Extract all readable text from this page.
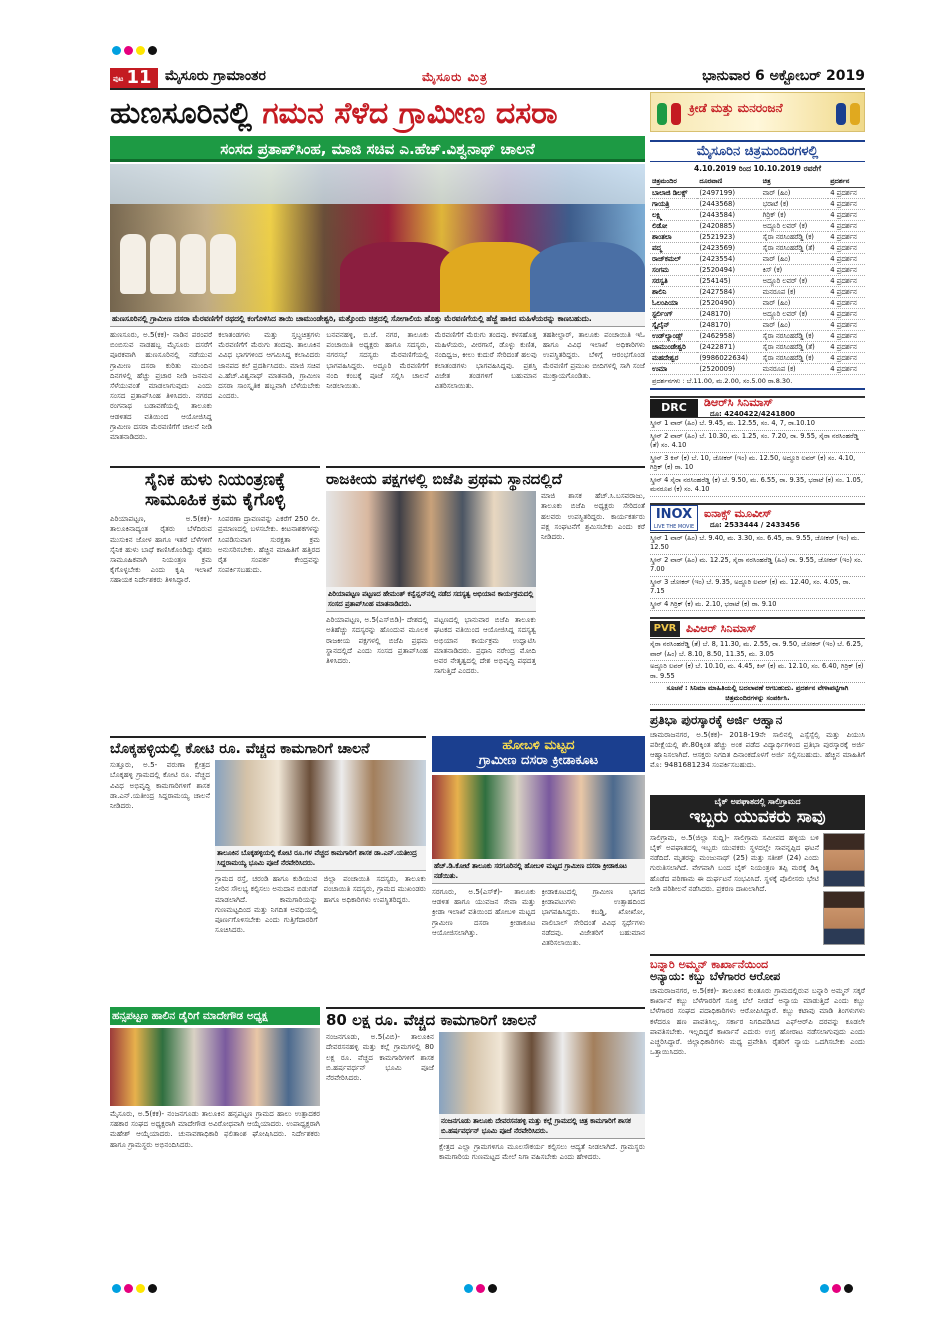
ಪುಟ 11 ಮೈಸೂರು ಗ್ರಾಮಾಂತರ	ಮೈಸೂರು ಮಿತ್ರ	ಭಾನುವಾರ 6 ಅಕ್ಟೋಬರ್ 2019
ಹುಣಸೂರಿನಲ್ಲಿ ಗಮನ ಸೆಳೆದ ಗ್ರಾಮೀಣ ದಸರಾ
ಸಂಸದ ಪ್ರತಾಪ್‌ಸಿಂಹ, ಮಾಜಿ ಸಚಿವ ಎ.ಹೆಚ್.ವಿಶ್ವನಾಥ್ ಚಾಲನೆ
ಹುಣಸೂರಿನಲ್ಲಿ ಗ್ರಾಮೀಣ ದಸರಾ ಮೆರವಣಿಗೆಗೆ ರಥದಲ್ಲಿ ಕಂಗೊಳಿಸಿದ ತಾಯಿ ಚಾಮುಂಡೇಶ್ವರಿ, ಮತ್ತೊಂದು ಚಿತ್ರದಲ್ಲಿ ಸೋಗಾಲಿಯ ಹೊತ್ತು ಮೆರವಣಿಗೆಯಲ್ಲಿ ಹೆಜ್ಜೆ ಹಾಕಿದ ಮಹಿಳೆಯರನ್ನು ಕಾಣಬಹುದು.
ಹುಣಸೂರು, ಅ.5(ಕಕ)- ನಾಡಿನ ಪರಂಪರೆ ಬಿಂಬಿಸುವ ನಾಡಹಬ್ಬ ಮೈಸೂರು ದಸರೆಗೆ ಪೂರಕವಾಗಿ ಹುಣಸೂರಿನಲ್ಲಿ ನಡೆಯುವ ಗ್ರಾಮೀಣ ದಸರಾ ಕುರಿತು ಮುಂದಿನ ದಿನಗಳಲ್ಲಿ ಹೆಚ್ಚು ಪ್ರಚಾರ ನೀಡಿ ಜನಮನ ಸೆಳೆಯುವಂತೆ ಮಾಡಲಾಗುವುದು ಎಂದು ಸಂಸದ ಪ್ರತಾಪ್‌ಸಿಂಹ ತಿಳಿಸಿದರು. ನಗರದ ರಂಗನಾಥ ಬಡಾವಣೆಯಲ್ಲಿ ತಾಲೂಕು ಆಡಳಿತದ ವತಿಯಿಂದ ಆಯೋಜಿಸಿದ್ದ ಗ್ರಾಮೀಣ ದಸರಾ ಮೆರವಣಿಗೆಗೆ ಚಾಲನೆ ನೀಡಿ ಮಾತನಾಡಿದರು.
ಕಲಾತಂಡಗಳು ಮತ್ತು ಸ್ತಬ್ಧಚಿತ್ರಗಳು ಮೆರವಣಿಗೆಗೆ ಮೆರುಗು ತಂದವು. ತಾಲೂಕಿನ ವಿವಿಧ ಭಾಗಗಳಿಂದ ಆಗಮಿಸಿದ್ದ ಕಲಾವಿದರು ಜಾನಪದ ಕಲೆ ಪ್ರದರ್ಶಿಸಿದರು. ಮಾಜಿ ಸಚಿವ ಎ.ಹೆಚ್.ವಿಶ್ವನಾಥ್ ಮಾತನಾಡಿ, ಗ್ರಾಮೀಣ ದಸರಾ ಸಾಂಸ್ಕೃತಿಕ ಹಬ್ಬವಾಗಿ ಬೆಳೆಯಬೇಕು ಎಂದರು.
ಬನವನಹಳ್ಳಿ, ಬಿ.ಜೆ. ನಗರ, ತಾಲೂಕು ಪಂಚಾಯಿತಿ ಅಧ್ಯಕ್ಷರು ಹಾಗೂ ಸದಸ್ಯರು, ನಗರಸಭೆ ಸದಸ್ಯರು ಮೆರವಣಿಗೆಯಲ್ಲಿ ಭಾಗವಹಿಸಿದ್ದರು. ಅದ್ದೂರಿ ಮೆರವಣಿಗೆಗೆ ನಂದಿ ಕಂಬಕ್ಕೆ ಪೂಜೆ ಸಲ್ಲಿಸಿ ಚಾಲನೆ ನೀಡಲಾಯಿತು.
ಮೆರವಣಿಗೆಗೆ ಮೆರುಗು ತಂದವು. ಕಳಸಹೊತ್ತ ಮಹಿಳೆಯರು, ವೀರಗಾಸೆ, ಡೊಳ್ಳು ಕುಣಿತ, ನಂದಿಧ್ವಜ, ಕೀಲು ಕುದುರೆ ಸೇರಿದಂತೆ ಹಲವು ಕಲಾತಂಡಗಳು ಭಾಗವಹಿಸಿದ್ದವು. ಪ್ರಶಸ್ತಿ ವಿಜೇತ ತಂಡಗಳಿಗೆ ಬಹುಮಾನ ವಿತರಿಸಲಾಯಿತು.
ತಹಶೀಲ್ದಾರ್, ತಾಲೂಕು ಪಂಚಾಯಿತಿ ಇಓ ಹಾಗೂ ವಿವಿಧ ಇಲಾಖೆ ಅಧಿಕಾರಿಗಳು ಉಪಸ್ಥಿತರಿದ್ದರು. ಬೆಳಿಗ್ಗೆ ಆರಂಭಗೊಂಡ ಮೆರವಣಿಗೆ ಪ್ರಮುಖ ಬೀದಿಗಳಲ್ಲಿ ಸಾಗಿ ಸಂಜೆ ಮುಕ್ತಾಯಗೊಂಡಿತು.
ಸೈನಿಕ ಹುಳು ನಿಯಂತ್ರಣಕ್ಕೆ
ಸಾಮೂಹಿಕ ಕ್ರಮ ಕೈಗೊಳ್ಳಿ
ಪಿರಿಯಾಪಟ್ಟಣ, ಅ.5(ಕಕ)- ತಾಲೂಕಿನಾದ್ಯಂತ ರೈತರು ಬೆಳೆದಿರುವ ಮುಸುಕಿನ ಜೋಳ ಹಾಗೂ ಇತರೆ ಬೆಳೆಗಳಿಗೆ ಸೈನಿಕ ಹುಳು ಬಾಧೆ ಕಾಣಿಸಿಕೊಂಡಿದ್ದು ರೈತರು ಸಾಮೂಹಿಕವಾಗಿ ನಿಯಂತ್ರಣ ಕ್ರಮ ಕೈಗೊಳ್ಳಬೇಕು ಎಂದು ಕೃಷಿ ಇಲಾಖೆ ಸಹಾಯಕ ನಿರ್ದೇಶಕರು ತಿಳಿಸಿದ್ದಾರೆ.
ಸಿಂಪರಣಾ ದ್ರಾವಣವನ್ನು ಎಕರೆಗೆ 250 ಲೀ. ಪ್ರಮಾಣದಲ್ಲಿ ಬಳಸಬೇಕು. ಕೀಟನಾಶಕಗಳನ್ನು ಸಿಂಪಡಿಸುವಾಗ ಸುರಕ್ಷತಾ ಕ್ರಮ ಅನುಸರಿಸಬೇಕು. ಹೆಚ್ಚಿನ ಮಾಹಿತಿಗೆ ಹತ್ತಿರದ ರೈತ ಸಂಪರ್ಕ ಕೇಂದ್ರವನ್ನು ಸಂಪರ್ಕಿಸಬಹುದು.
ರಾಜಕೀಯ ಪಕ್ಷಗಳಲ್ಲಿ ಬಿಜೆಪಿ ಪ್ರಥಮ ಸ್ಥಾನದಲ್ಲಿದೆ
ಪಿರಿಯಾಪಟ್ಟಣ ಪಟ್ಟಣದ ಹೇಮಂತ್ ಕನ್ವೆನ್ಷನ್‌ನಲ್ಲಿ ನಡೆದ ಸದಸ್ಯತ್ವ ಅಭಿಯಾನ ಕಾರ್ಯಕ್ರಮದಲ್ಲಿ ಸಂಸದ ಪ್ರತಾಪ್‌ಸಿಂಹ ಮಾತನಾಡಿದರು.
ಪಿರಿಯಾಪಟ್ಟಣ, ಅ.5(ಎಸ್‌ಬಿಡಿ)- ದೇಶದಲ್ಲಿ ಅತಿಹೆಚ್ಚು ಸದಸ್ಯರನ್ನು ಹೊಂದುವ ಮೂಲಕ ರಾಜಕೀಯ ಪಕ್ಷಗಳಲ್ಲಿ ಬಿಜೆಪಿ ಪ್ರಥಮ ಸ್ಥಾನದಲ್ಲಿದೆ ಎಂದು ಸಂಸದ ಪ್ರತಾಪ್‌ಸಿಂಹ ತಿಳಿಸಿದರು.
ಪಟ್ಟಣದಲ್ಲಿ ಭಾನುವಾರ ಬಿಜೆಪಿ ತಾಲೂಕು ಘಟಕದ ವತಿಯಿಂದ ಆಯೋಜಿಸಿದ್ದ ಸದಸ್ಯತ್ವ ಅಭಿಯಾನ ಕಾರ್ಯಕ್ರಮ ಉದ್ಘಾಟಿಸಿ ಮಾತನಾಡಿದರು. ಪ್ರಧಾನಿ ನರೇಂದ್ರ ಮೋದಿ ಅವರ ನೇತೃತ್ವದಲ್ಲಿ ದೇಶ ಅಭಿವೃದ್ಧಿ ಪಥದತ್ತ ಸಾಗುತ್ತಿದೆ ಎಂದರು.
ಮಾಜಿ ಶಾಸಕ ಹೆಚ್.ಸಿ.ಬಸವರಾಜು, ತಾಲೂಕು ಬಿಜೆಪಿ ಅಧ್ಯಕ್ಷರು ಸೇರಿದಂತೆ ಹಲವರು ಉಪಸ್ಥಿತರಿದ್ದರು. ಕಾರ್ಯಕರ್ತರು ಪಕ್ಷ ಸಂಘಟನೆಗೆ ಶ್ರಮಿಸಬೇಕು ಎಂದು ಕರೆ ನೀಡಿದರು.
ಬೊಕ್ಕಹಳ್ಳಿಯಲ್ಲಿ ಕೋಟಿ ರೂ. ವೆಚ್ಚದ ಕಾಮಗಾರಿಗೆ ಚಾಲನೆ
ಸುತ್ತೂರು, ಅ.5- ವರುಣಾ ಕ್ಷೇತ್ರದ ಬೊಕ್ಕಹಳ್ಳಿ ಗ್ರಾಮದಲ್ಲಿ ಕೋಟಿ ರೂ. ವೆಚ್ಚದ ವಿವಿಧ ಅಭಿವೃದ್ಧಿ ಕಾಮಗಾರಿಗಳಿಗೆ ಶಾಸಕ ಡಾ.ಎನ್.ಯತೀಂದ್ರ ಸಿದ್ದರಾಮಯ್ಯ ಚಾಲನೆ ನೀಡಿದರು.
ತಾಲೂಕಿನ ಬೊಕ್ಕಹಳ್ಳಿಯಲ್ಲಿ ಕೋಟಿ ರೂ.ಗಳ ವೆಚ್ಚದ ಕಾಮಗಾರಿಗೆ ಶಾಸಕ ಡಾ.ಎನ್.ಯತೀಂದ್ರ ಸಿದ್ದರಾಮಯ್ಯ ಭೂಮಿ ಪೂಜೆ ನೆರವೇರಿಸಿದರು.
ಗ್ರಾಮದ ರಸ್ತೆ, ಚರಂಡಿ ಹಾಗೂ ಕುಡಿಯುವ ನೀರಿನ ಸೌಲಭ್ಯ ಕಲ್ಪಿಸಲು ಅನುದಾನ ಬಿಡುಗಡೆ ಮಾಡಲಾಗಿದೆ. ಕಾಮಗಾರಿಯನ್ನು ಗುಣಮಟ್ಟದಿಂದ ಮತ್ತು ನಿಗದಿತ ಅವಧಿಯಲ್ಲಿ ಪೂರ್ಣಗೊಳಿಸಬೇಕು ಎಂದು ಗುತ್ತಿಗೆದಾರರಿಗೆ ಸೂಚಿಸಿದರು.
ಜಿಲ್ಲಾ ಪಂಚಾಯಿತಿ ಸದಸ್ಯರು, ತಾಲೂಕು ಪಂಚಾಯಿತಿ ಸದಸ್ಯರು, ಗ್ರಾಮದ ಮುಖಂಡರು ಹಾಗೂ ಅಧಿಕಾರಿಗಳು ಉಪಸ್ಥಿತರಿದ್ದರು.
ಹೋಬಳಿ ಮಟ್ಟದ
ಗ್ರಾಮೀಣ ದಸರಾ ಕ್ರೀಡಾಕೂಟ
ಹೆಚ್.ಡಿ.ಕೋಟೆ ತಾಲೂಕು ಸರಗೂರಿನಲ್ಲಿ ಹೋಬಳಿ ಮಟ್ಟದ ಗ್ರಾಮೀಣ ದಸರಾ ಕ್ರೀಡಾಕೂಟ ನಡೆಯಿತು.
ಸರಗೂರು, ಅ.5(ಎಸ್‌ಕೆ)- ತಾಲೂಕು ಆಡಳಿತ ಹಾಗೂ ಯುವಜನ ಸೇವಾ ಮತ್ತು ಕ್ರೀಡಾ ಇಲಾಖೆ ವತಿಯಿಂದ ಹೋಬಳಿ ಮಟ್ಟದ ಗ್ರಾಮೀಣ ದಸರಾ ಕ್ರೀಡಾಕೂಟ ಆಯೋಜಿಸಲಾಗಿತ್ತು.
ಕ್ರೀಡಾಕೂಟದಲ್ಲಿ ಗ್ರಾಮೀಣ ಭಾಗದ ಕ್ರೀಡಾಪಟುಗಳು ಉತ್ಸಾಹದಿಂದ ಭಾಗವಹಿಸಿದ್ದರು. ಕಬಡ್ಡಿ, ಖೋಖೋ, ವಾಲಿಬಾಲ್ ಸೇರಿದಂತೆ ವಿವಿಧ ಸ್ಪರ್ಧೆಗಳು ನಡೆದವು. ವಿಜೇತರಿಗೆ ಬಹುಮಾನ ವಿತರಿಸಲಾಯಿತು.
ಹನ್ಸಪಟ್ಟಣ ಹಾಲಿನ ಡೈರಿಗೆ ಮಾದೇಗೌಡ ಅಧ್ಯಕ್ಷ
ಮೈಸೂರು, ಅ.5(ಕಕ)- ನಂಜನಗೂಡು ತಾಲೂಕಿನ ಹನ್ಸಪಟ್ಟಣ ಗ್ರಾಮದ ಹಾಲು ಉತ್ಪಾದಕರ ಸಹಕಾರ ಸಂಘದ ಅಧ್ಯಕ್ಷರಾಗಿ ಮಾದೇಗೌಡ ಅವಿರೋಧವಾಗಿ ಆಯ್ಕೆಯಾದರು. ಉಪಾಧ್ಯಕ್ಷರಾಗಿ ಮಹೇಶ್ ಆಯ್ಕೆಯಾದರು. ಚುನಾವಣಾಧಿಕಾರಿ ಫಲಿತಾಂಶ ಘೋಷಿಸಿದರು. ನಿರ್ದೇಶಕರು ಹಾಗೂ ಗ್ರಾಮಸ್ಥರು ಅಭಿನಂದಿಸಿದರು.
80 ಲಕ್ಷ ರೂ. ವೆಚ್ಚದ ಕಾಮಗಾರಿಗೆ ಚಾಲನೆ
ನಂಜನಗೂಡು, ಅ.5(ವಿಬಿ)- ತಾಲೂಕಿನ ದೇವರಸನಹಳ್ಳಿ ಮತ್ತು ಕಲ್ಲೆ ಗ್ರಾಮಗಳಲ್ಲಿ 80 ಲಕ್ಷ ರೂ. ವೆಚ್ಚದ ಕಾಮಗಾರಿಗಳಿಗೆ ಶಾಸಕ ಬಿ.ಹರ್ಷವರ್ಧನ್ ಭೂಮಿ ಪೂಜೆ ನೆರವೇರಿಸಿದರು.
ನಂಜನಗೂಡು ತಾಲೂಕು ದೇವರಸನಹಳ್ಳಿ ಮತ್ತು ಕಲ್ಲೆ ಗ್ರಾಮದಲ್ಲಿ ಚಿತ್ರ ಕಾಮಗಾರಿಗೆ ಶಾಸಕ ಬಿ.ಹರ್ಷವರ್ಧನ್ ಭೂಮಿ ಪೂಜೆ ನೆರವೇರಿಸಿದರು.
ಕ್ಷೇತ್ರದ ಎಲ್ಲಾ ಗ್ರಾಮಗಳಿಗೂ ಮೂಲಸೌಕರ್ಯ ಕಲ್ಪಿಸಲು ಆದ್ಯತೆ ನೀಡಲಾಗಿದೆ. ಗ್ರಾಮಸ್ಥರು ಕಾಮಗಾರಿಯ ಗುಣಮಟ್ಟದ ಮೇಲೆ ನಿಗಾ ವಹಿಸಬೇಕು ಎಂದು ಹೇಳಿದರು.
ಕ್ರೀಡೆ ಮತ್ತು ಮನರಂಜನೆ
ಮೈಸೂರಿನ ಚಿತ್ರಮಂದಿರಗಳಲ್ಲಿ
4.10.2019 ರಿಂದ 10.10.2019 ರವರೆಗೆ
ಚಿತ್ರಮಂದಿರ	ದೂರವಾಣಿ	ಚಿತ್ರ	ಪ್ರದರ್ಶನ
ಬಾಲಾಜಿ ಡಿಲಕ್ಸ್	(2497199)	ವಾರ್ (ಹಿಂ)	4 ಪ್ರದರ್ಶನ
ಗಾಯತ್ರಿ	(2443568)	ಭರಾಟೆ (ಕ)	4 ಪ್ರದರ್ಶನ
ಲಕ್ಷ್ಮಿ	(2443584)	ಗಿರ್ರಿಕ್ (ಕ)	4 ಪ್ರದರ್ಶನ
ಲಿಡೋ	(2420885)	ಅದ್ದೂರಿ ಲವರ್ (ಕ)	4 ಪ್ರದರ್ಶನ
ಶಾಂತಲಾ	(2521923)	ಸೈರಾ ನರಸಿಂಹರೆಡ್ಡಿ (ಕ)	4 ಪ್ರದರ್ಶನ
ಪದ್ಮ	(2423569)	ಸೈರಾ ನರಸಿಂಹರೆಡ್ಡಿ (ತೆ)	4 ಪ್ರದರ್ಶನ
ರಾಜ್‌ಕಮಲ್	(2423554)	ವಾರ್ (ಹಿಂ)	4 ಪ್ರದರ್ಶನ
ಸಂಗಮ	(2520494)	ಕಿಸ್ (ಕ)	4 ಪ್ರದರ್ಶನ
ಸರಸ್ವತಿ	(254145)	ಅದ್ದೂರಿ ಲವರ್ (ಕ)	4 ಪ್ರದರ್ಶನ
ಶಾಲಿನಿ	(2427584)	ಮನರೂಪ (ಕ)	4 ಪ್ರದರ್ಶನ
ಓಲಂಪಿಯಾ	(2520490)	ವಾರ್ (ಹಿಂ)	4 ಪ್ರದರ್ಶನ
ಸ್ಟರ್ಲಿಂಗ್	(248170)	ಅದ್ದೂರಿ ಲವರ್ (ಕ)	4 ಪ್ರದರ್ಶನ
ಸ್ಕೈಲೈನ್	(248170)	ವಾರ್ (ಹಿಂ)	4 ಪ್ರದರ್ಶನ
ಉಡ್‌ಲ್ಯಾಂಡ್ಸ್	(2462958)	ಸೈರಾ ನರಸಿಂಹರೆಡ್ಡಿ (ಕ)	4 ಪ್ರದರ್ಶನ
ಚಾಮುಂಡೇಶ್ವರಿ	(2422871)	ಸೈರಾ ನರಸಿಂಹರೆಡ್ಡಿ (ತೆ)	4 ಪ್ರದರ್ಶನ
ಮಹದೇಶ್ವರ	(9986022634)	ಸೈರಾ ನರಸಿಂಹರೆಡ್ಡಿ (ಕ)	4 ಪ್ರದರ್ಶನ
ಉಮಾ	(2520009)	ಮನರೂಪ (ಕ)	4 ಪ್ರದರ್ಶನ
ಪ್ರದರ್ಶನಗಳು : ಬೆ.11.00, ಮ.2.00, ಸಂ.5.00 ರಾ.8.30.
DRC	ಡಿಆರ್‌ಸಿ ಸಿನಿಮಾಸ್
ದೂ: 4240422/4241800
ಸ್ಕ್ರೀನ್ 1 ವಾರ್ (ಹಿಂ) ಬೆ. 9.45, ಮ. 12.55, ಸಂ. 4, 7, ರಾ.10.10
ಸ್ಕ್ರೀನ್ 2 ವಾರ್ (ಹಿಂ) ಬೆ. 10.30, ಮ. 1.25, ಸಂ. 7.20, ರಾ. 9.55, ಸೈರಾ ನರಸಿಂಹರೆಡ್ಡಿ (ತೆ) ಸಂ. 4.10
ಸ್ಕ್ರೀನ್ 3 ಕಿಸ್ (ಕ) ಬೆ. 10, ಜೋಕರ್ (ಇಂ) ಮ. 12.50, ಅದ್ದೂರಿ ಲವರ್ (ಕ) ಸಂ. 4.10, ಗಿರ್ರಿಕ್ (ಕ) ರಾ. 10
ಸ್ಕ್ರೀನ್ 4 ಸೈರಾ ನರಸಿಂಹರೆಡ್ಡಿ (ಕ) ಬೆ. 9.50, ಮ. 6.55, ರಾ. 9.35, ಭರಾಟೆ (ಕ) ಸಂ. 1.05, ಮನರೂಪ (ಕ) ಸಂ. 4.10
INOX
LIVE THE MOVIE
ಐನಾಕ್ಸ್ ಮೂವೀಸ್
ದೂ: 2533444 / 2433456
ಸ್ಕ್ರೀನ್ 1 ವಾರ್ (ಹಿಂ) ಬೆ. 9.40, ಮ. 3.30, ಸಂ. 6.45, ರಾ. 9.55, ಜೋಕರ್ (ಇಂ) ಮ. 12.50
ಸ್ಕ್ರೀನ್ 2 ವಾರ್ (ಹಿಂ) ಮ. 12.25, ಸೈರಾ ನರಸಿಂಹರೆಡ್ಡಿ (ಹಿಂ) ರಾ. 9.55, ಜೋಕರ್ (ಇಂ) ಸಂ. 7.00
ಸ್ಕ್ರೀನ್ 3 ಜೋಕರ್ (ಇಂ) ಬೆ. 9.35, ಅದ್ದೂರಿ ಲವರ್ (ಕ) ಮ. 12.40, ಸಂ. 4.05, ರಾ. 7.15
ಸ್ಕ್ರೀನ್ 4 ಗಿರ್ರಿಕ್ (ಕ) ಮ. 2.10, ಭರಾಟೆ (ಕ) ರಾ. 9.10
PVR ಪಿವಿಆರ್ ಸಿನಿಮಾಸ್
ಸೈರಾ ನರಸಿಂಹರೆಡ್ಡಿ (ತೆ) ಬೆ. 8, 11.30, ಮ. 2.55, ರಾ. 9.50, ಜೋಕರ್ (ಇಂ) ಬೆ. 6.25, ವಾರ್ (ಹಿಂ) ಬೆ. 8.10, 8.50, 11.35, ಮ. 3.05
ಅದ್ದೂರಿ ಲವರ್ (ಕ) ಬೆ. 10.10, ಮ. 4.45, ಕಿಸ್ (ಕ) ಮ. 12.10, ಸಂ. 6.40, ಗಿರ್ರಿಕ್ (ಕ) ರಾ. 9.55
ಸೂಚನೆ : ಸಿನಿಮಾ ಮಾಹಿತಿಯಲ್ಲಿ ಬದಲಾವಣೆ ಆಗಬಹುದು. ಪ್ರದರ್ಶನ ವೇಳಾಪಟ್ಟಿಗಾಗಿ ಚಿತ್ರಮಂದಿರಗಳನ್ನು ಸಂಪರ್ಕಿಸಿ.
ಪ್ರತಿಭಾ ಪುರಸ್ಕಾರಕ್ಕೆ ಅರ್ಜಿ ಆಹ್ವಾನ
ಚಾಮರಾಜನಗರ, ಅ.5(ಕಕ)- 2018-19ನೇ ಸಾಲಿನಲ್ಲಿ ಎಸ್ಸೆಸ್ಸೆಲ್ಸಿ ಮತ್ತು ಪಿಯುಸಿ ಪರೀಕ್ಷೆಯಲ್ಲಿ ಶೇ.80ಕ್ಕಿಂತ ಹೆಚ್ಚು ಅಂಕ ಪಡೆದ ವಿದ್ಯಾರ್ಥಿಗಳಿಂದ ಪ್ರತಿಭಾ ಪುರಸ್ಕಾರಕ್ಕೆ ಅರ್ಜಿ ಆಹ್ವಾನಿಸಲಾಗಿದೆ. ಆಸಕ್ತರು ನಿಗದಿತ ದಿನಾಂಕದೊಳಗೆ ಅರ್ಜಿ ಸಲ್ಲಿಸಬಹುದು. ಹೆಚ್ಚಿನ ಮಾಹಿತಿಗೆ ಮೊ: 9481681234 ಸಂಪರ್ಕಿಸಬಹುದು.
ಬೈಕ್ ಅಪಘಾತದಲ್ಲಿ ಸಾಲಿಗ್ರಾಮದ
ಇಬ್ಬರು ಯುವಕರು ಸಾವು
ಸಾಲಿಗ್ರಾಮ, ಅ.5(ಜಿಲ್ಲಾ ಸುದ್ದಿ)- ಸಾಲಿಗ್ರಾಮ ಸಮೀಪದ ಹಳ್ಳಿಯ ಬಳಿ ಬೈಕ್ ಅಪಘಾತದಲ್ಲಿ ಇಬ್ಬರು ಯುವಕರು ಸ್ಥಳದಲ್ಲೇ ಸಾವನ್ನಪ್ಪಿದ ಘಟನೆ ನಡೆದಿದೆ. ಮೃತರನ್ನು ಮಂಜುನಾಥ್ (25) ಮತ್ತು ಸತೀಶ್ (24) ಎಂದು ಗುರುತಿಸಲಾಗಿದೆ. ವೇಗವಾಗಿ ಬಂದ ಬೈಕ್ ನಿಯಂತ್ರಣ ತಪ್ಪಿ ಮರಕ್ಕೆ ಡಿಕ್ಕಿ ಹೊಡೆದ ಪರಿಣಾಮ ಈ ದುರ್ಘಟನೆ ಸಂಭವಿಸಿದೆ. ಸ್ಥಳಕ್ಕೆ ಪೊಲೀಸರು ಭೇಟಿ ನೀಡಿ ಪರಿಶೀಲನೆ ನಡೆಸಿದರು. ಪ್ರಕರಣ ದಾಖಲಾಗಿದೆ.
ಬನ್ನಾರಿ ಅಮ್ಮನ್ ಕಾರ್ಖಾನೆಯಿಂದ
ಅನ್ಯಾಯ: ಕಬ್ಬು ಬೆಳೆಗಾರರ ಆರೋಪ
ಚಾಮರಾಜನಗರ, ಅ.5(ಕಕ)- ತಾಲೂಕಿನ ಕುಂತೂರು ಗ್ರಾಮದಲ್ಲಿರುವ ಬನ್ನಾರಿ ಅಮ್ಮನ್ ಸಕ್ಕರೆ ಕಾರ್ಖಾನೆ ಕಬ್ಬು ಬೆಳೆಗಾರರಿಗೆ ಸೂಕ್ತ ಬೆಲೆ ನೀಡದೆ ಅನ್ಯಾಯ ಮಾಡುತ್ತಿದೆ ಎಂದು ಕಬ್ಬು ಬೆಳೆಗಾರರ ಸಂಘದ ಪದಾಧಿಕಾರಿಗಳು ಆರೋಪಿಸಿದ್ದಾರೆ. ಕಬ್ಬು ಕಟಾವು ಮಾಡಿ ತಿಂಗಳುಗಳು ಕಳೆದರೂ ಹಣ ಪಾವತಿಸಿಲ್ಲ. ಸರ್ಕಾರ ನಿಗದಿಪಡಿಸಿದ ಎಫ್‌ಆರ್‌ಪಿ ದರವನ್ನು ಕೂಡಲೇ ಪಾವತಿಸಬೇಕು. ಇಲ್ಲದಿದ್ದರೆ ಕಾರ್ಖಾನೆ ಎದುರು ಉಗ್ರ ಹೋರಾಟ ನಡೆಸಲಾಗುವುದು ಎಂದು ಎಚ್ಚರಿಸಿದ್ದಾರೆ. ಜಿಲ್ಲಾಧಿಕಾರಿಗಳು ಮಧ್ಯ ಪ್ರವೇಶಿಸಿ ರೈತರಿಗೆ ನ್ಯಾಯ ಒದಗಿಸಬೇಕು ಎಂದು ಒತ್ತಾಯಿಸಿದರು.
